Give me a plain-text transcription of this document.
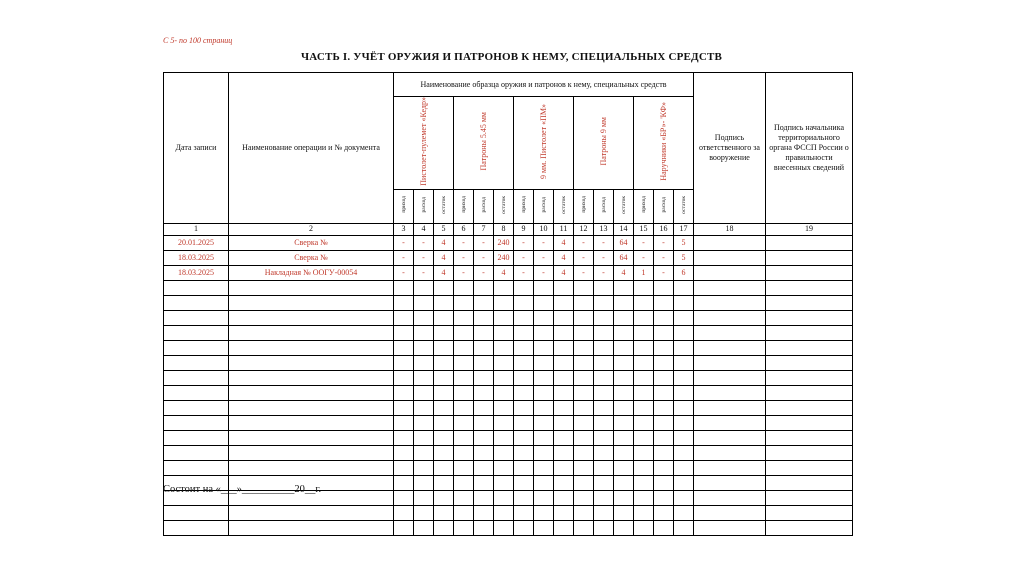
С 5- по 100 страниц
ЧАСТЬ I. УЧЁТ ОРУЖИЯ И ПАТРОНОВ К НЕМУ, СПЕЦИАЛЬНЫХ СРЕДСТВ
Дата записи	Наименование операции и № документа	Наименование образца оружия и патронов к нему, специальных средств															Подпись ответственного за вооружение	Подпись начальника территориального органа ФССП России о правильности внесенных сведений
		Пистолет-пулемет «Кедр»			Патроны 5.45 мм			9 мм. Пистолет «ПМ»			Патроны 9 мм			Наручники «БР»- 'КФ»				
		приход	расход	остаток	приход	расход	остаток	приход	расход	остаток	приход	расход	остаток	приход	расход	остаток		
1	2	3	4	5	6	7	8	9	10	11	12	13	14	15	16	17	18	19
20.01.2025	Сверка №	-	-	4	-	-	240	-	-	4	-	-	64	-	-	5		
18.03.2025	Сверка №	-	-	4	-	-	240	-	-	4	-	-	64	-	-	5		
18.03.2025	Накладная № ООГУ-00054	-	-	4	-	-	4	-	-	4	-	-	4	1	-	6		

Состоит на «___»__________20__г.
